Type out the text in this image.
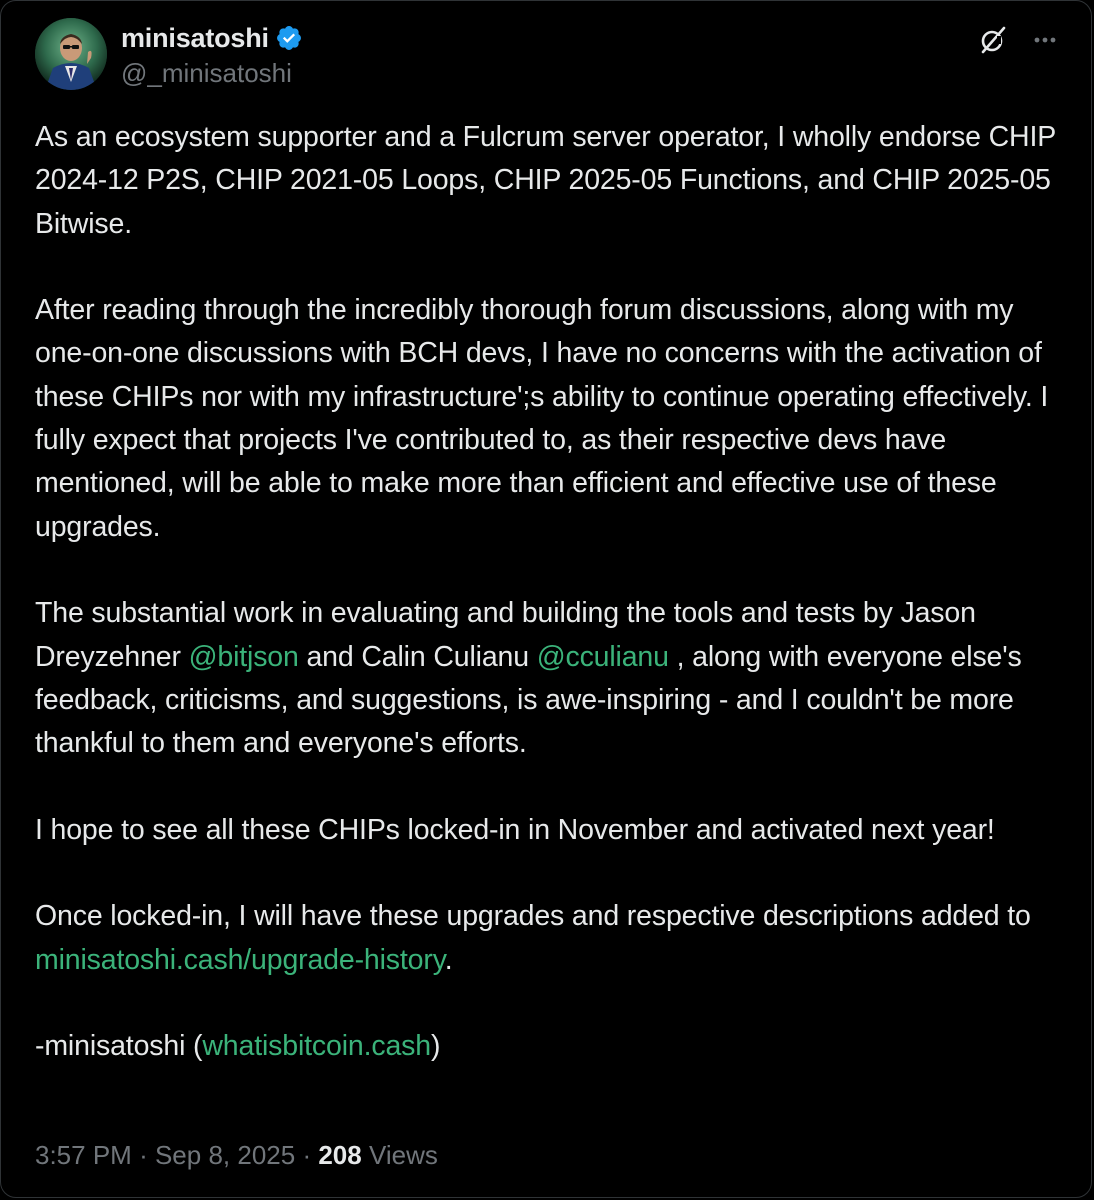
minisatoshi
@_minisatoshi

As an ecosystem supporter and a Fulcrum server operator, I wholly endorse CHIP 2024-12 P2S, CHIP 2021-05 Loops, CHIP 2025-05 Functions, and CHIP 2025-05 Bitwise.

After reading through the incredibly thorough forum discussions, along with my one-on-one discussions with BCH devs, I have no concerns with the activation of these CHIPs nor with my infrastructure';s ability to continue operating effectively. I fully expect that projects I've contributed to, as their respective devs have mentioned, will be able to make more than efficient and effective use of these upgrades.

The substantial work in evaluating and building the tools and tests by Jason Dreyzehner @bitjson and Calin Culianu @cculianu , along with everyone else's feedback, criticisms, and suggestions, is awe-inspiring - and I couldn't be more thankful to them and everyone's efforts.

I hope to see all these CHIPs locked-in in November and activated next year!

Once locked-in, I will have these upgrades and respective descriptions added to minisatoshi.cash/upgrade-history.

-minisatoshi (whatisbitcoin.cash)

3:57 PM · Sep 8, 2025 · 208 Views
